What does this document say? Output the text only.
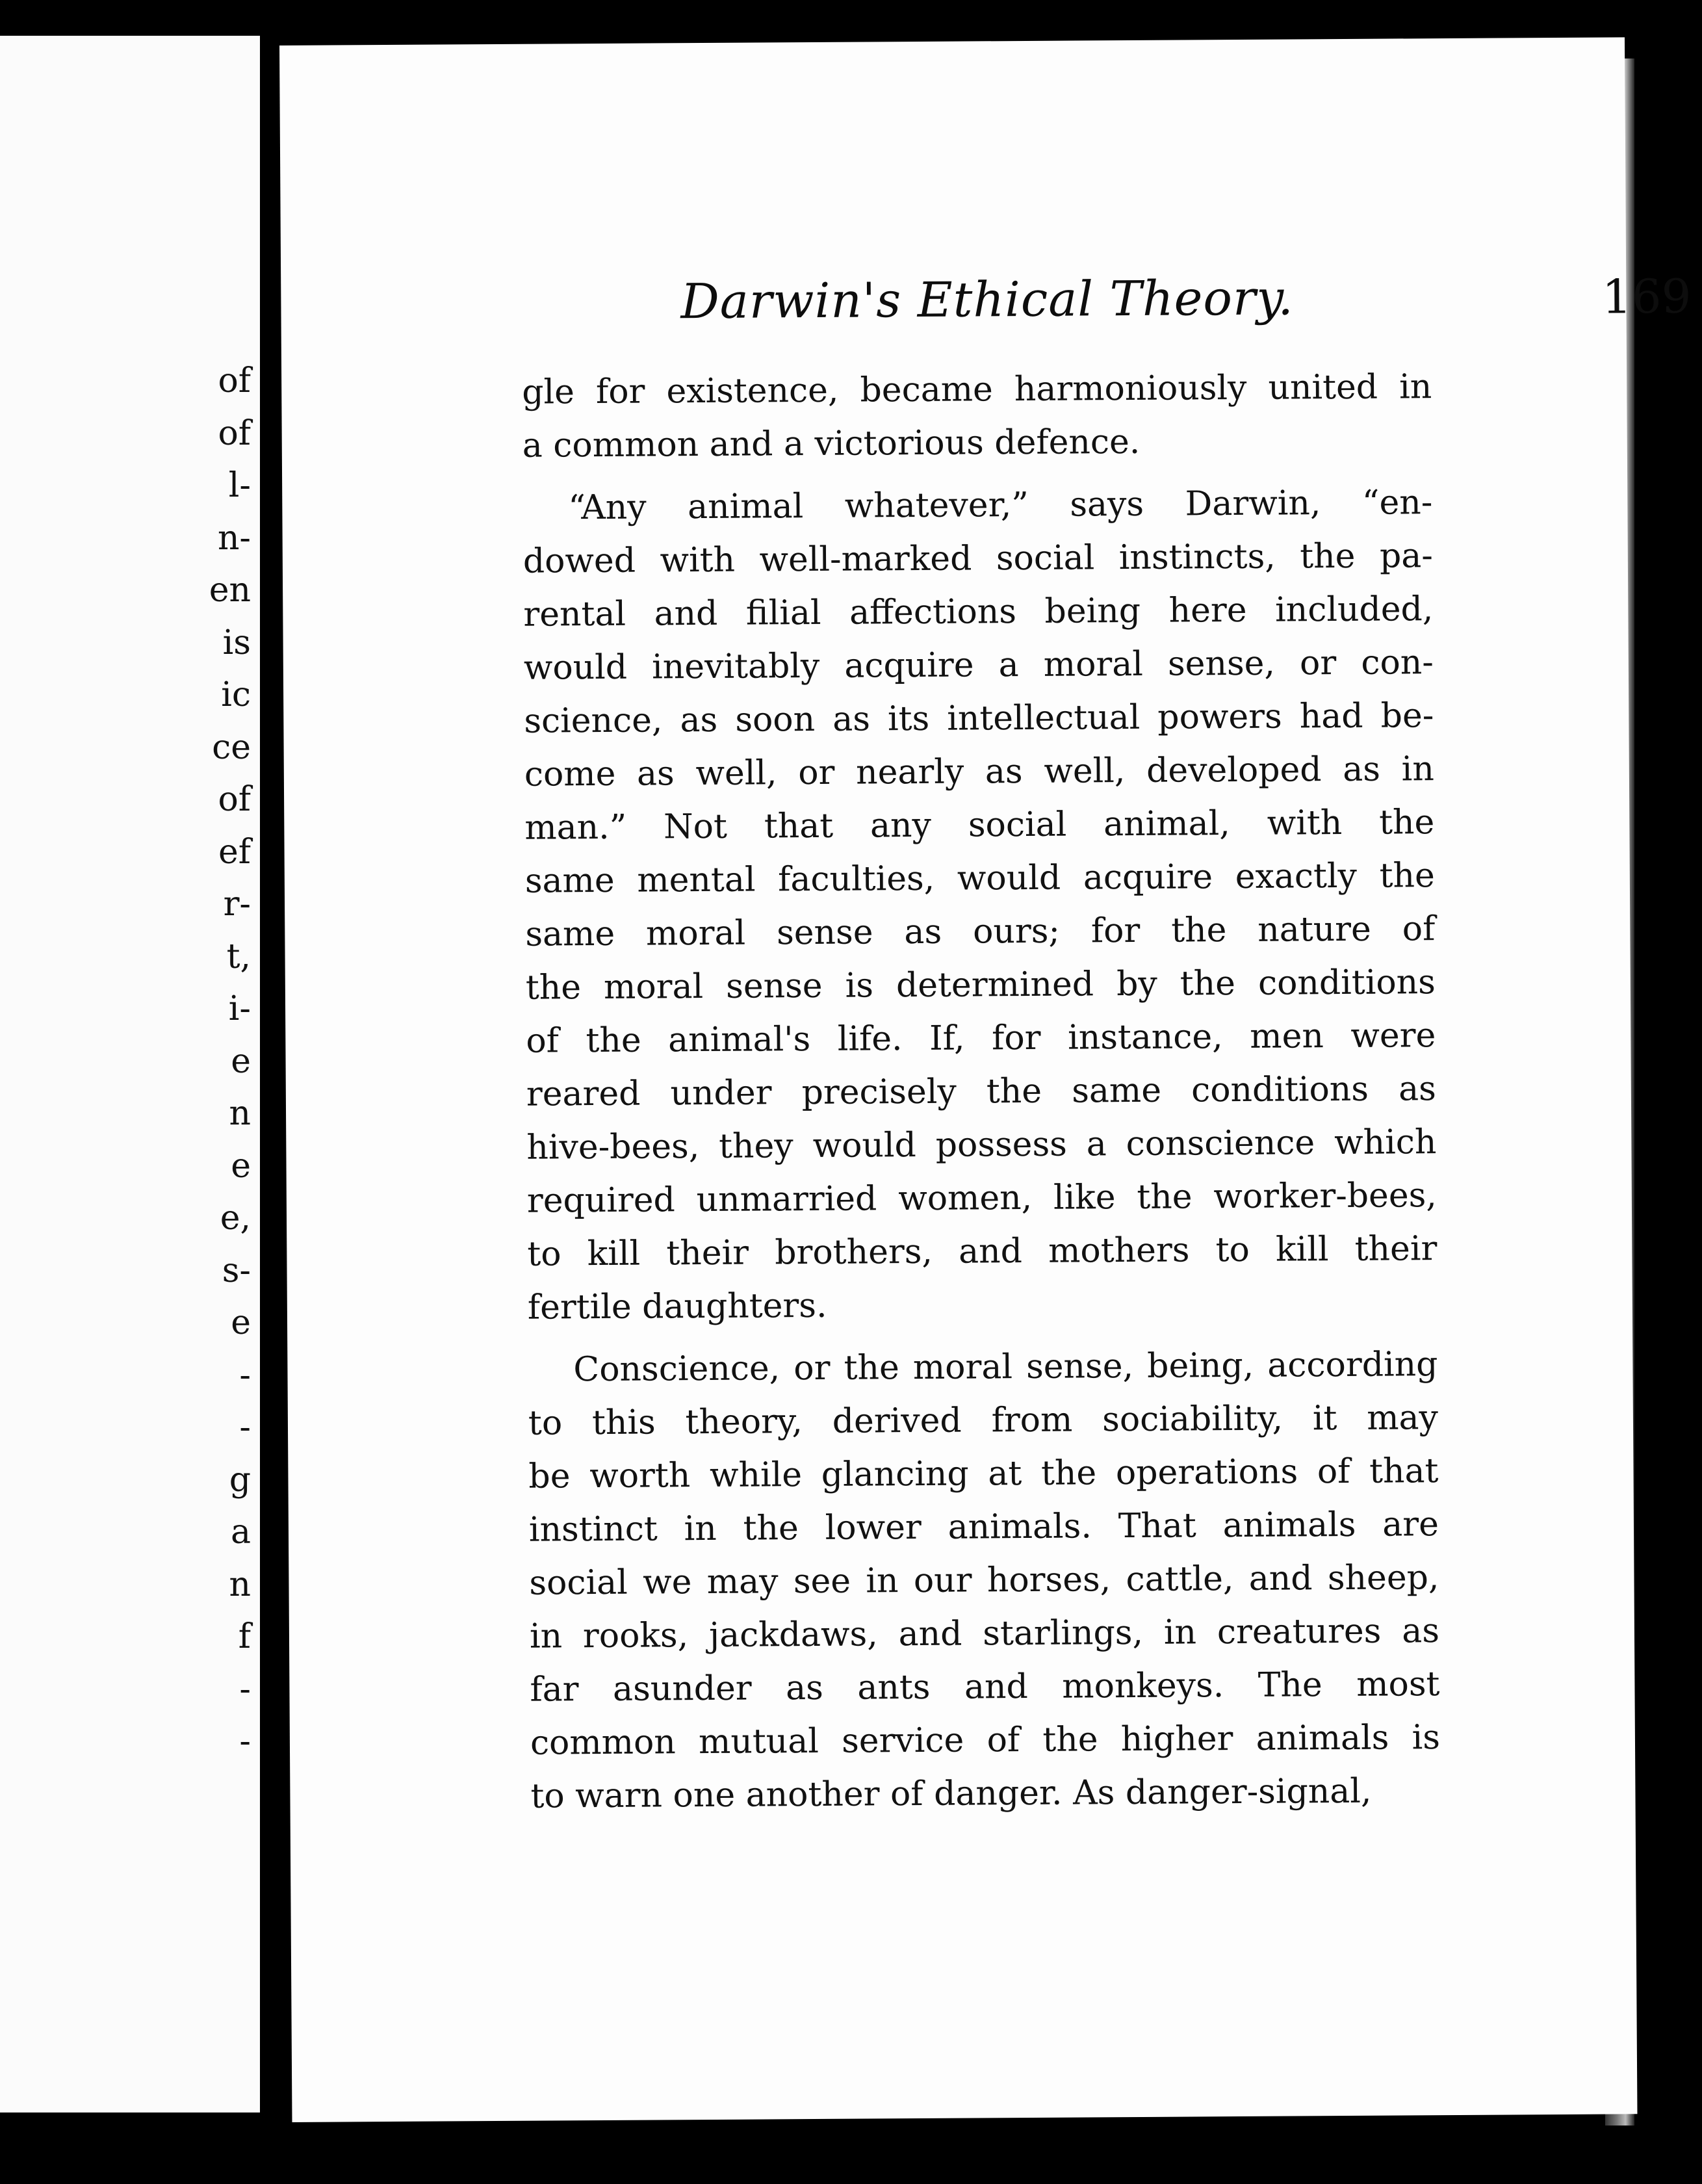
of
of
l-
n-
en
is
ic
ce
of
ef
r-
t,
i-
e
n
e
e,
s-
e
-
-
g
a
n
f
-
-
Darwin's Ethical Theory.	169
gle for existence, became harmoniously united in
a common and a victorious defence.
“Any animal whatever,” says Darwin, “en-
dowed with well-marked social instincts, the pa-
rental and filial affections being here included,
would inevitably acquire a moral sense, or con-
science, as soon as its intellectual powers had be-
come as well, or nearly as well, developed as in
man.” Not that any social animal, with the
same mental faculties, would acquire exactly the
same moral sense as ours; for the nature of
the moral sense is determined by the conditions
of the animal's life. If, for instance, men were
reared under precisely the same conditions as
hive-bees, they would possess a conscience which
required unmarried women, like the worker-bees,
to kill their brothers, and mothers to kill their
fertile daughters.
Conscience, or the moral sense, being, according
to this theory, derived from sociability, it may
be worth while glancing at the operations of that
instinct in the lower animals. That animals are
social we may see in our horses, cattle, and sheep,
in rooks, jackdaws, and starlings, in creatures as
far asunder as ants and monkeys. The most
common mutual service of the higher animals is
to warn one another of danger. As danger-signal,
